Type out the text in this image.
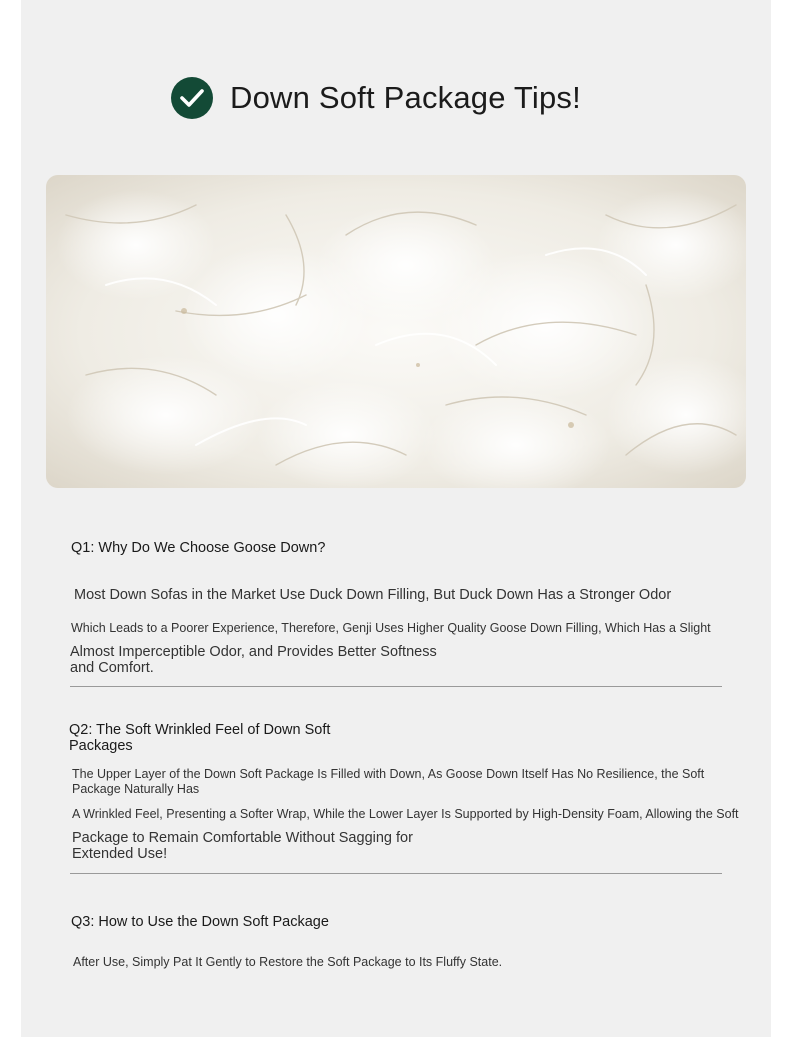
Down Soft Package Tips!
Q1: Why Do We Choose Goose Down?
Most Down Sofas in the Market Use Duck Down Filling, But Duck Down Has a Stronger Odor
Which Leads to a Poorer Experience, Therefore, Genji Uses Higher Quality Goose Down Filling, Which Has a Slight
Almost Imperceptible Odor, and Provides Better Softness and Comfort.
Q2: The Soft Wrinkled Feel of Down Soft Packages
The Upper Layer of the Down Soft Package Is Filled with Down, As Goose Down Itself Has No Resilience, the Soft Package Naturally Has
A Wrinkled Feel, Presenting a Softer Wrap, While the Lower Layer Is Supported by High-Density Foam, Allowing the Soft
Package to Remain Comfortable Without Sagging for Extended Use!
Q3: How to Use the Down Soft Package
After Use, Simply Pat It Gently to Restore the Soft Package to Its Fluffy State.
